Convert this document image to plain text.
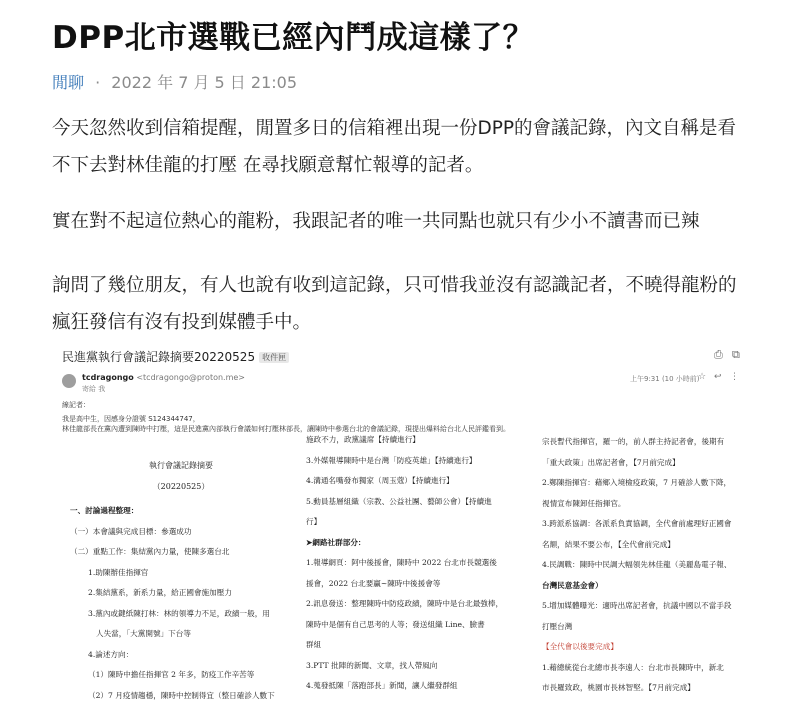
DPP北市選戰已經內鬥成這樣了？
閒聊 · 2022 年 7 月 5 日 21:05
今天忽然收到信箱提醒，閒置多日的信箱裡出現一份DPP的會議記錄，內文自稱是看不下去對林佳龍的打壓 在尋找願意幫忙報導的記者。
實在對不起這位熱心的龍粉，我跟記者的唯一共同點也就只有少小不讀書而已辣
詢問了幾位朋友，有人也說有收到這記錄，只可惜我並沒有認識記者，不曉得龍粉的瘋狂發信有沒有投到媒體手中。
民進黨執行會議記錄摘要20220525 收件匣	⎙ ⧉
tcdragongo <tcdragongo@proton.me>
寄給 我
上午9:31 (10 小時前)
☆ ↩ ⋮
線記者：
我是高中生，因感身分證號 S124344747，
林佳龍部長在黨內遭到陳時中打壓，這是民進黨內部執行會議如何打壓林部長，讓陳時中參選台北的會議記錄，現提出爆料給台北人民評鑑看到。
執行會議記錄摘要
（20220525）
一、討論過程整理：
（一）本會議與完成目標：參選成功
（二）重點工作：集結黨內力量，使陳多選台北
1.助陳辦佳指揮官
2.集結黨系，新系力量，給正國會施加壓力
3.黨內或鍵紙陳打林：林的領導力不足，政績一般，用
人失當，「大黨開號」下台等
4.論述方向：
（1）陳時中擔任指揮官 2 年多，防疫工作辛苦等
（2）7 月疫情趨穩，陳時中控制得宜（整日確診人數下
施政不力，政黨議席【持續進行】
3.外媒報導陳時中是台灣「防疫英雄」【持續進行】
4.溝通名嘴發布獨家（周玉蔻）【持續進行】
5.動員基層組織（宗教、公益社團、藝師公會）【持續進
行】
➤網路社群部分：
1.報導網頁：阿中後援會，陳時中 2022 台北市長競選後
援會，2022 台北要贏~陳時中後援會等
2.訊息發送：整理陳時中防疫政績，陳時中是台北最強棒，
陳時中是個有自己思考的人等；發送組織 Line、臉書
群組
3.PTT 批陣的新聞、文章，找人帶風向
4.蒐發抵陳「落跑部長」新聞，讓人繼發群組
宗長暫代指揮官，羅一的，前人群主持記者會，後期有
「重大政策」出席記者會，【7月前完成】
2.鄭陳指揮官：藉鄉入境檢疫政策，7 月確診人數下降，
視情宣布陳卸任指揮官。
3.跨派系協調：各派系負責協調，全代會前處理好正國會
名額，結果不要公布，【全代會前完成】
4.民調戰：陳時中民調大幅領先林佳龍（美麗島電子報、
台灣民意基金會）
5.增加媒體曝光：適時出席記者會，抗議中國以不當手段
打壓台灣
【全代會以後要完成】
1.藉總統從台北總市長李遠人：台北市長陳時中，新北
市長羅致政，桃園市長林智堅。【7月前完成】
